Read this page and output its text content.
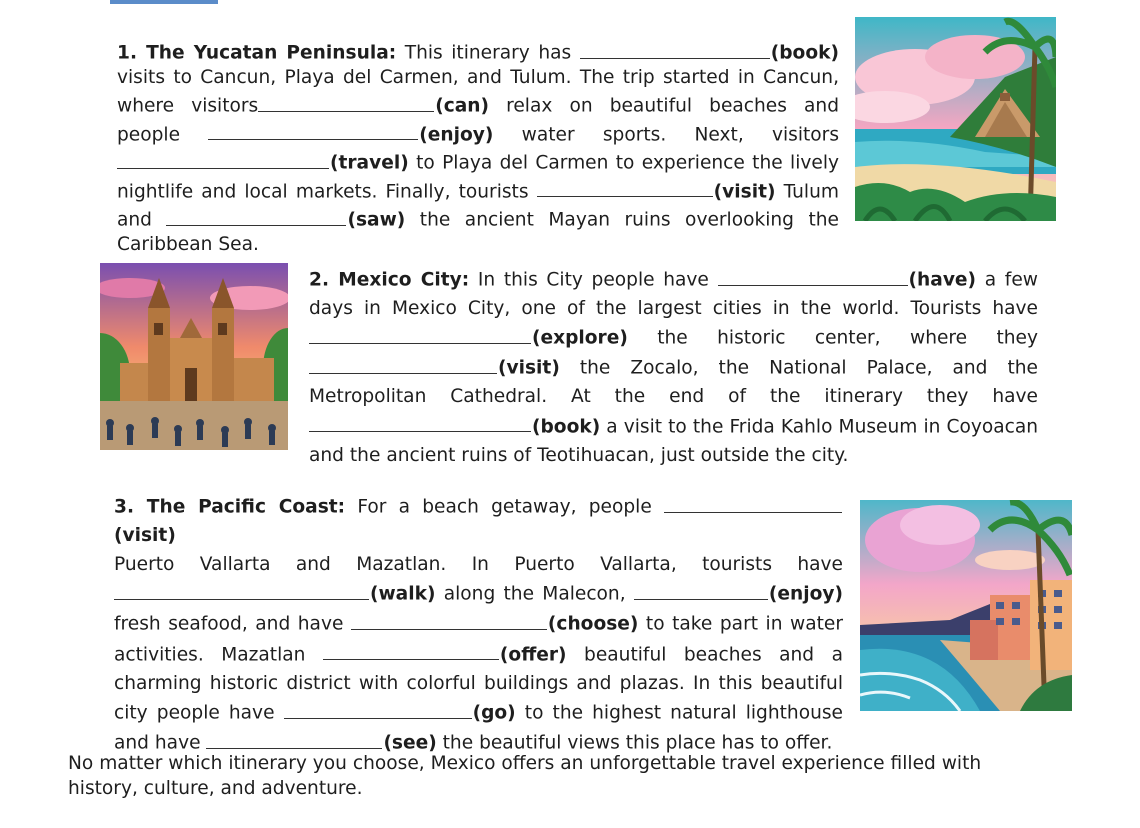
1. The Yucatan Peninsula: This itinerary has	(book)
visits to Cancun, Playa del Carmen, and Tulum. The trip started in Cancun,
where visitors	(can) relax on beautiful beaches and
people	(enjoy) water sports. Next, visitors
(travel) to Playa del Carmen to experience the lively
nightlife and local markets. Finally, tourists	(visit) Tulum
and	(saw) the ancient Mayan ruins overlooking the
Caribbean Sea.
2. Mexico City: In this City people have	(have) a few
days in Mexico City, one of the largest cities in the world. Tourists have
(explore) the historic center, where they
(visit) the Zocalo, the National Palace, and the
Metropolitan Cathedral. At the end of the itinerary they have
(book) a visit to the Frida Kahlo Museum in Coyoacan
and the ancient ruins of Teotihuacan, just outside the city.
3. The Pacific Coast: For a beach getaway, people (visit)
Puerto Vallarta and Mazatlan. In Puerto Vallarta, tourists have
(walk) along the Malecon,	(enjoy)
fresh seafood, and have	(choose) to take part in water
activities. Mazatlan	(offer) beautiful beaches and a
charming historic district with colorful buildings and plazas. In this beautiful
city people have	(go) to the highest natural lighthouse
and have	(see) the beautiful views this place has to offer.
No matter which itinerary you choose, Mexico offers an unforgettable travel experience filled with
history, culture, and adventure.
